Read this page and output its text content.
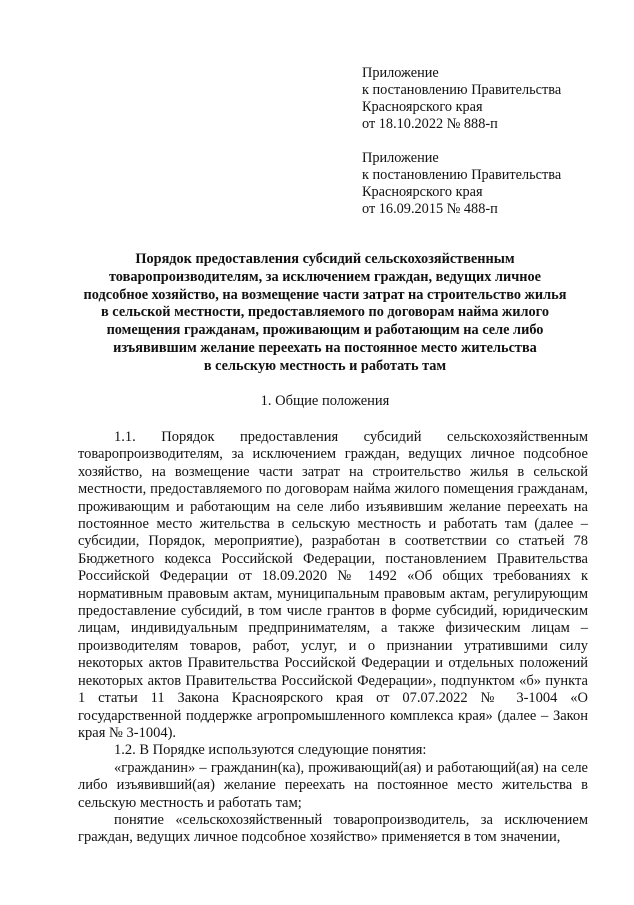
Приложение
к постановлению Правительства
Красноярского края
от 18.10.2022 № 888-п
Приложение
к постановлению Правительства
Красноярского края
от 16.09.2015 № 488-п
Порядок предоставления субсидий сельскохозяйственным
товаропроизводителям, за исключением граждан, ведущих личное
подсобное хозяйство, на возмещение части затрат на строительство жилья
в сельской местности, предоставляемого по договорам найма жилого
помещения гражданам, проживающим и работающим на селе либо
изъявившим желание переехать на постоянное место жительства
в сельскую местность и работать там
1. Общие положения

1.1. Порядок предоставления субсидий сельскохозяйственным товаропроизводителям, за исключением граждан, ведущих личное подсобное хозяйство, на возмещение части затрат на строительство жилья в сельской местности, предоставляемого по договорам найма жилого помещения гражданам, проживающим и работающим на селе либо изъявившим желание переехать на постоянное место жительства в сельскую местность и работать там (далее – субсидии, Порядок, мероприятие), разработан в соответствии со статьей 78 Бюджетного кодекса Российской Федерации, постановлением Правительства Российской Федерации от 18.09.2020 № 1492 «Об общих требованиях к нормативным правовым актам, муниципальным правовым актам, регулирующим предоставление субсидий, в том числе грантов в форме субсидий, юридическим лицам, индивидуальным предпринимателям, а также физическим лицам – производителям товаров, работ, услуг, и о признании утратившими силу некоторых актов Правительства Российской Федерации и отдельных положений некоторых актов Правительства Российской Федерации», подпунктом «б» пункта 1 статьи 11 Закона Красноярского края от 07.07.2022 № 3-1004 «О государственной поддержке агропромышленного комплекса края» (далее – Закон края № 3-1004).

1.2. В Порядке используются следующие понятия:

«гражданин» – гражданин(ка), проживающий(ая) и работающий(ая) на селе либо изъявивший(ая) желание переехать на постоянное место жительства в сельскую местность и работать там;

понятие «сельскохозяйственный товаропроизводитель, за исключением граждан, ведущих личное подсобное хозяйство» применяется в том значении,
